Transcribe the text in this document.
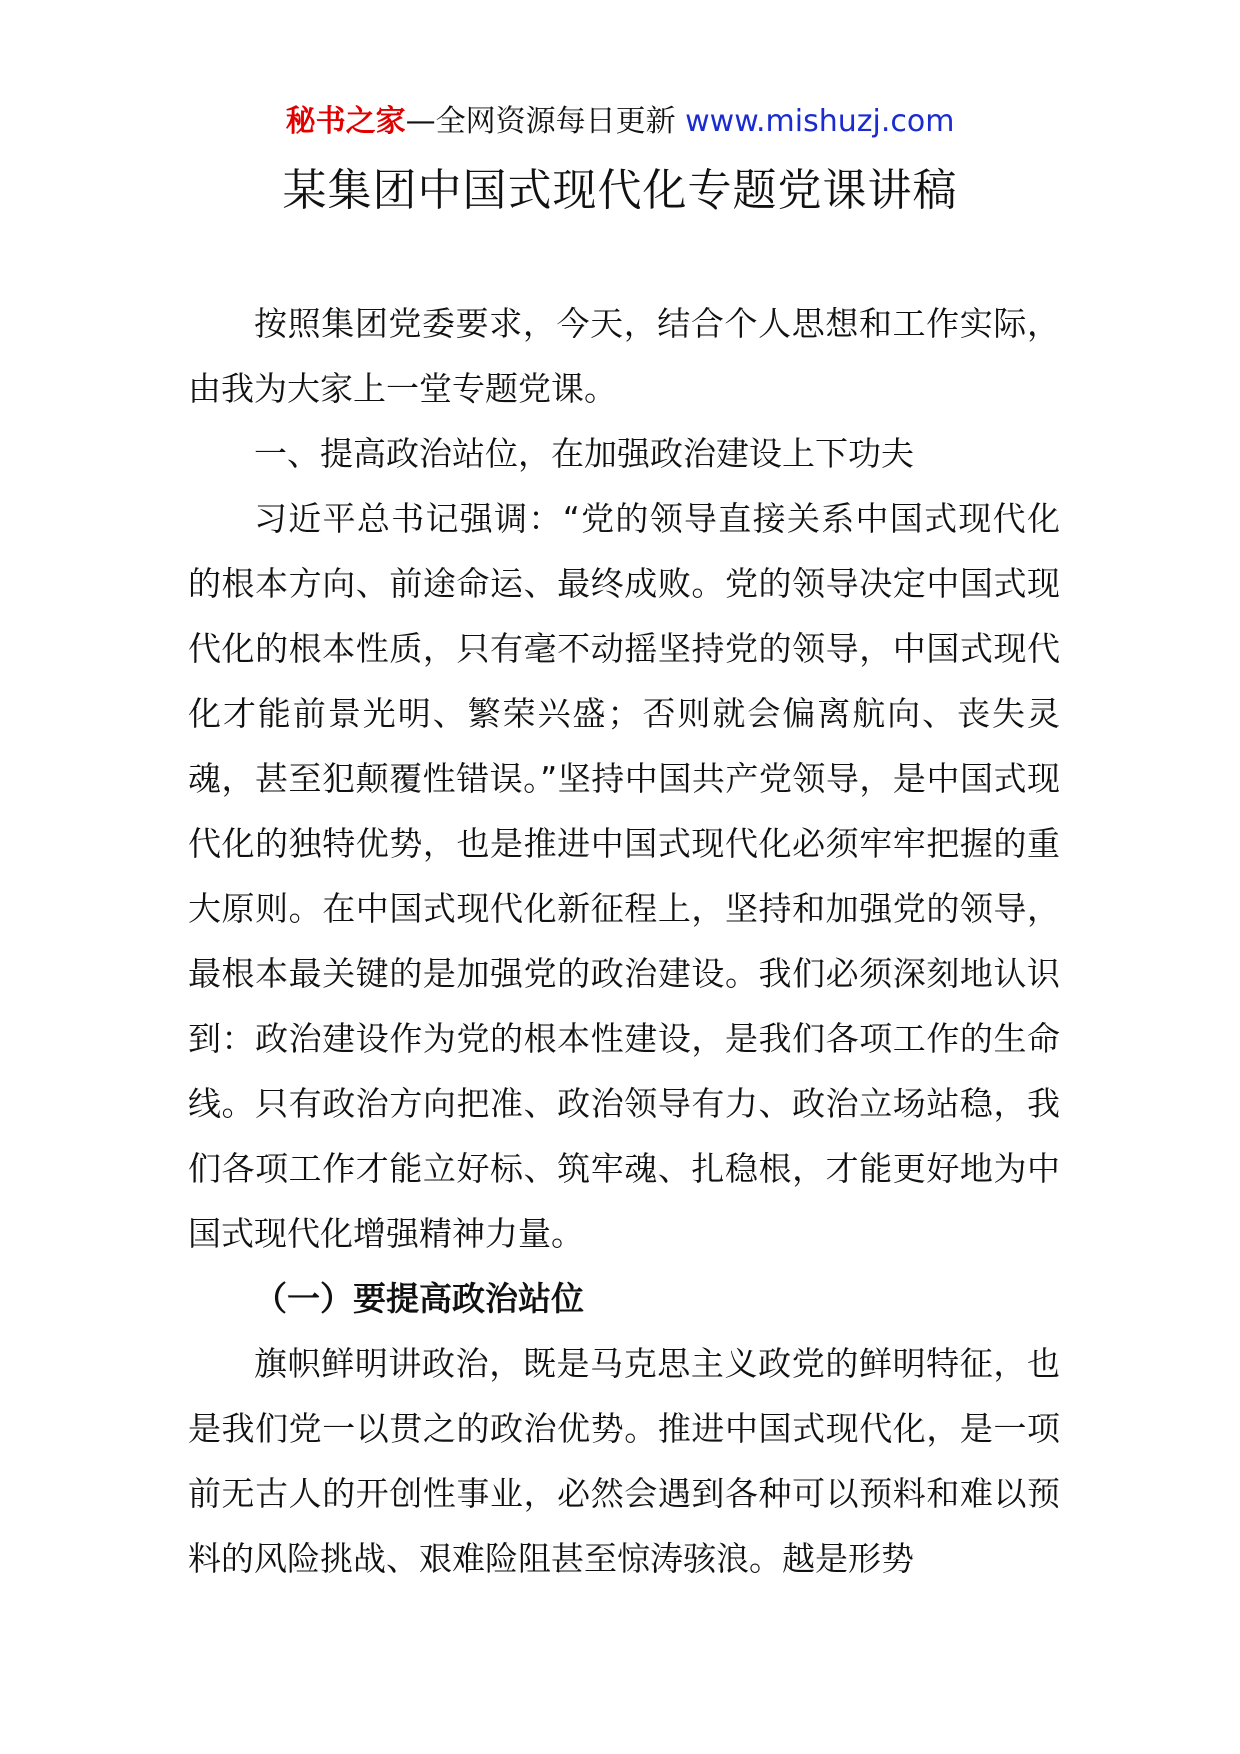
秘书之家—全网资源每日更新 www.mishuzj.com
某集团中国式现代化专题党课讲稿

按照集团党委要求，今天，结合个人思想和工作实际，由我为大家上一堂专题党课。

一、提高政治站位，在加强政治建设上下功夫

习近平总书记强调：“党的领导直接关系中国式现代化的根本方向、前途命运、最终成败。党的领导决定中国式现代化的根本性质，只有毫不动摇坚持党的领导，中国式现代化才能前景光明、繁荣兴盛；否则就会偏离航向、丧失灵魂，甚至犯颠覆性错误。”坚持中国共产党领导，是中国式现代化的独特优势，也是推进中国式现代化必须牢牢把握的重大原则。在中国式现代化新征程上，坚持和加强党的领导，最根本最关键的是加强党的政治建设。我们必须深刻地认识到：政治建设作为党的根本性建设，是我们各项工作的生命线。只有政治方向把准、政治领导有力、政治立场站稳，我们各项工作才能立好标、筑牢魂、扎稳根，才能更好地为中国式现代化增强精神力量。

（一）要提高政治站位

旗帜鲜明讲政治，既是马克思主义政党的鲜明特征，也是我们党一以贯之的政治优势。推进中国式现代化，是一项前无古人的开创性事业，必然会遇到各种可以预料和难以预料的风险挑战、艰难险阻甚至惊涛骇浪。越是形势
